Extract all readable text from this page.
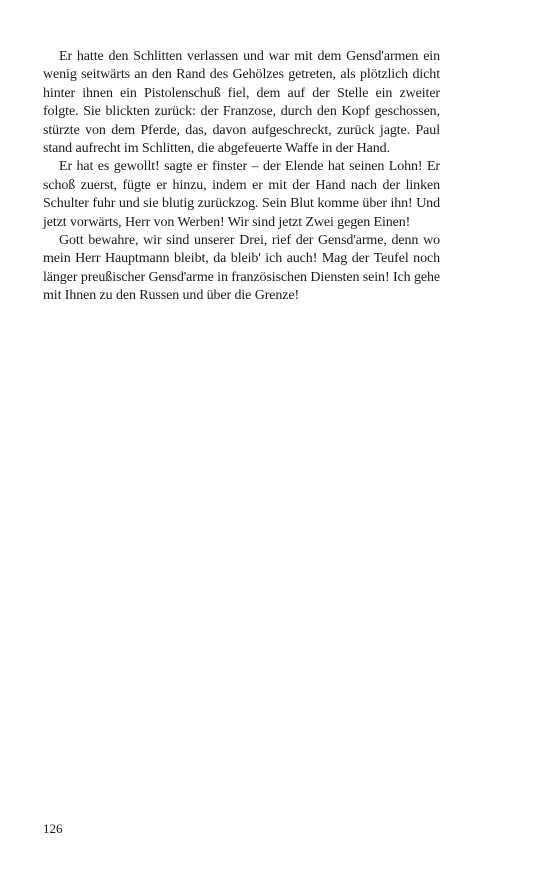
Er hatte den Schlitten verlassen und war mit dem Gensd'armen ein wenig seitwärts an den Rand des Gehölzes getreten, als plötzlich dicht hinter ihnen ein Pistolenschuß fiel, dem auf der Stelle ein zweiter folgte. Sie blickten zurück: der Franzose, durch den Kopf geschossen, stürzte von dem Pferde, das, davon aufgeschreckt, zurück jagte. Paul stand aufrecht im Schlitten, die abgefeuerte Waffe in der Hand.

Er hat es gewollt! sagte er finster – der Elende hat seinen Lohn! Er schoß zuerst, fügte er hinzu, indem er mit der Hand nach der linken Schulter fuhr und sie blutig zurückzog. Sein Blut komme über ihn! Und jetzt vorwärts, Herr von Werben! Wir sind jetzt Zwei gegen Einen!

Gott bewahre, wir sind unserer Drei, rief der Gensd'arme, denn wo mein Herr Hauptmann bleibt, da bleib' ich auch! Mag der Teufel noch länger preußischer Gensd'arme in französischen Diensten sein! Ich gehe mit Ihnen zu den Russen und über die Grenze!

126
